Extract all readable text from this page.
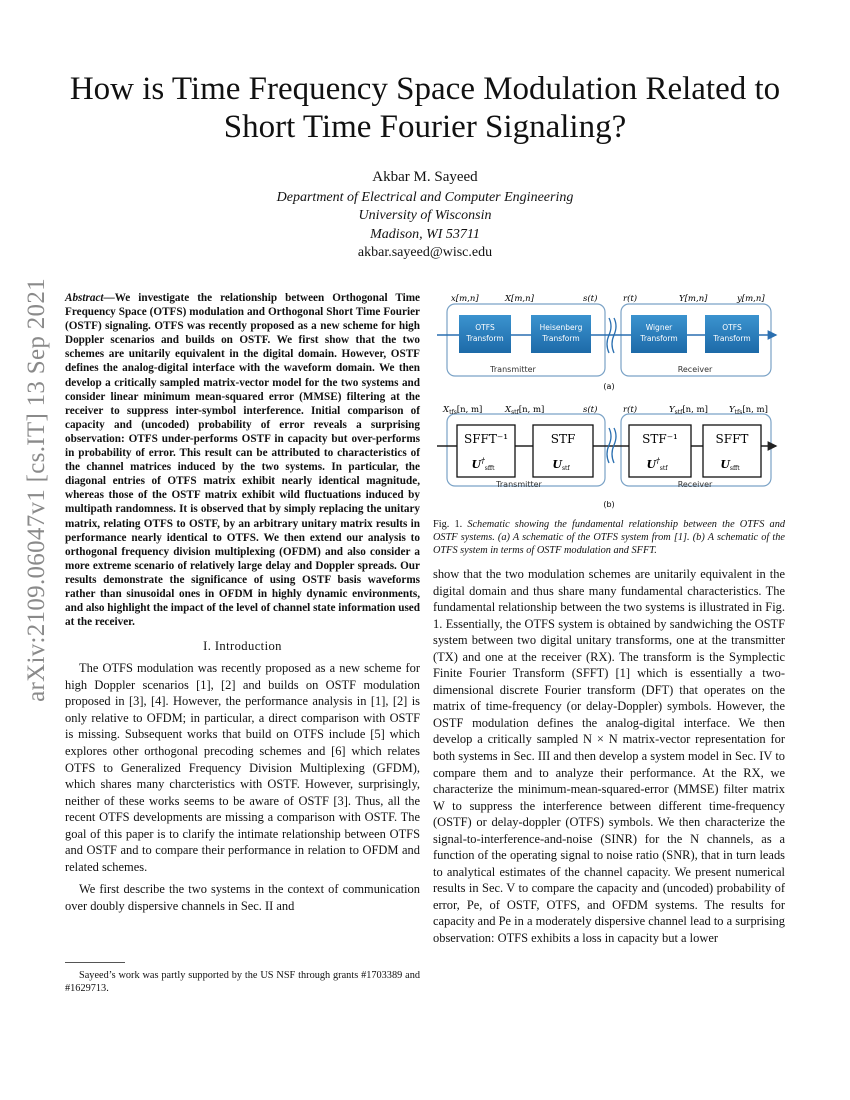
arXiv:2109.06047v1 [cs.IT] 13 Sep 2021
How is Time Frequency Space Modulation Related to Short Time Fourier Signaling?
Akbar M. Sayeed
Department of Electrical and Computer Engineering
University of Wisconsin
Madison, WI 53711
akbar.sayeed@wisc.edu
Abstract—We investigate the relationship between Orthogonal Time Frequency Space (OTFS) modulation and Orthogonal Short Time Fourier (OSTF) signaling. OTFS was recently proposed as a new scheme for high Doppler scenarios and builds on OSTF. We first show that the two schemes are unitarily equivalent in the digital domain. However, OSTF defines the analog-digital interface with the waveform domain. We then develop a critically sampled matrix-vector model for the two systems and consider linear minimum mean-squared error (MMSE) filtering at the receiver to suppress inter-symbol interference. Initial comparison of capacity and (uncoded) probability of error reveals a surprising observation: OTFS under-performs OSTF in capacity but over-performs in probability of error. This result can be attributed to characteristics of the channel matrices induced by the two systems. In particular, the diagonal entries of OTFS matrix exhibit nearly identical magnitude, whereas those of the OSTF matrix exhibit wild fluctuations induced by multipath randomness. It is observed that by simply replacing the unitary matrix, relating OTFS to OSTF, by an arbitrary unitary matrix results in performance nearly identical to OTFS. We then extend our analysis to orthogonal frequency division multiplexing (OFDM) and also consider a more extreme scenario of relatively large delay and Doppler spreads. Our results demonstrate the significance of using OSTF basis waveforms rather than sinusoidal ones in OFDM in highly dynamic environments, and also highlight the impact of the level of channel state information used at the receiver.
I. Introduction

The OTFS modulation was recently proposed as a new scheme for high Doppler scenarios [1], [2] and builds on OSTF modulation proposed in [3], [4]. However, the performance analysis in [1], [2] is only relative to OFDM; in particular, a direct comparison with OSTF is missing. Subsequent works that build on OTFS include [5] which explores other orthogonal precoding schemes and [6] which relates OTFS to Generalized Frequency Division Multiplexing (GFDM), which shares many charcteristics with OSTF. However, surprisingly, neither of these works seems to be aware of OSTF [3]. Thus, all the recent OTFS developments are missing a comparison with OSTF. The goal of this paper is to clarify the intimate relationship between OTFS and OSTF and to compare their performance in relation to OFDM and related schemes.

We first describe the two systems in the context of communication over doubly dispersive channels in Sec. II and

Sayeed’s work was partly supported by the US NSF through grants #1703389 and #1629713.
OTFS
Transform
Heisenberg
Transform
Wigner
Transform
OTFS
Transform
x[m,n]	X[m,n]	s(t)	r(t)	Y[m,n]	y[m,n]
Transmitter	Receiver
(a)
SFFT⁻¹
$U^\dagger_{sfft}$
STF
Ustf
STF⁻¹
$U^\dagger_{stf}$
SFFT
Usfft
$X_{tfs}[n$, m]	$X_{stf}[n$, m]	s(t)	r(t)	$Y_{stf}[n$, m] $Y_{tfs}[n$, m]
Transmitter	Receiver
(b)
Fig. 1. Schematic showing the fundamental relationship between the OTFS and OSTF systems. (a) A schematic of the OTFS system from [1]. (b) A schematic of the OTFS system in terms of OSTF modulation and SFFT.

show that the two modulation schemes are unitarily equivalent in the digital domain and thus share many fundamental characteristics. The fundamental relationship between the two systems is illustrated in Fig. 1. Essentially, the OTFS system is obtained by sandwiching the OSTF system between two digital unitary transforms, one at the transmitter (TX) and one at the receiver (RX). The transform is the Symplectic Finite Fourier Transform (SFFT) [1] which is essentially a two-dimensional discrete Fourier transform (DFT) that operates on the matrix of time-frequency (or delay-Doppler) symbols. However, the OSTF modulation defines the analog-digital interface. We then develop a critically sampled N × N matrix-vector representation for both systems in Sec. III and then develop a system model in Sec. IV to compare them and to analyze their performance. At the RX, we characterize the minimum-mean-squared-error (MMSE) filter matrix W to suppress the interference between different time-frequency (OSTF) or delay-doppler (OTFS) symbols. We then characterize the signal-to-interference-and-noise (SINR) for the N channels, as a function of the operating signal to noise ratio (SNR), that in turn leads to analytical estimates of the channel capacity. We present numerical results in Sec. V to compare the capacity and (uncoded) probability of error, Pe, of OSTF, OTFS, and OFDM systems. The results for capacity and Pe in a moderately dispersive channel lead to a surprising observation: OTFS exhibits a loss in capacity but a lower
